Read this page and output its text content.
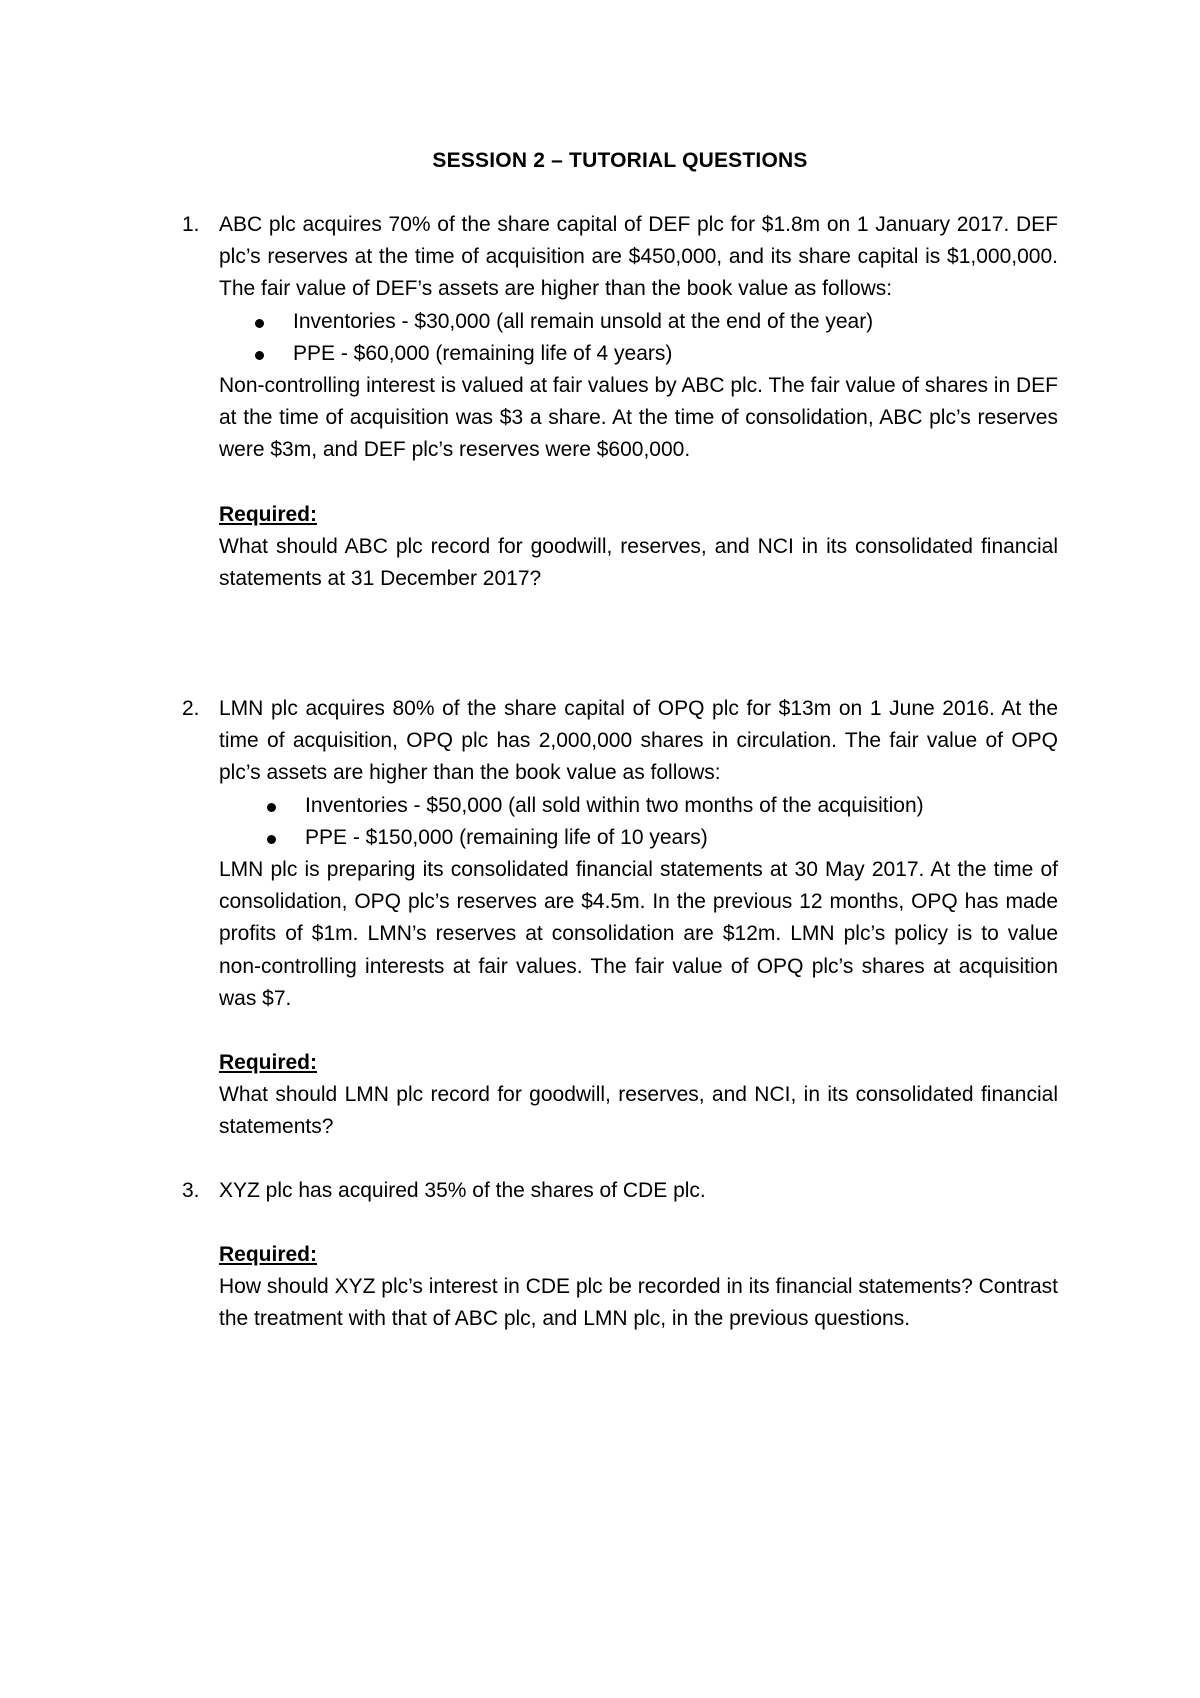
SESSION 2 – TUTORIAL QUESTIONS
1. ABC plc acquires 70% of the share capital of DEF plc for $1.8m on 1 January 2017. DEF plc’s reserves at the time of acquisition are $450,000, and its share capital is $1,000,000. The fair value of DEF’s assets are higher than the book value as follows:
Inventories - $30,000 (all remain unsold at the end of the year)
PPE - $60,000 (remaining life of 4 years)
Non-controlling interest is valued at fair values by ABC plc. The fair value of shares in DEF at the time of acquisition was $3 a share. At the time of consolidation, ABC plc’s reserves were $3m, and DEF plc’s reserves were $600,000.
Required:
What should ABC plc record for goodwill, reserves, and NCI in its consolidated financial statements at 31 December 2017?
2. LMN plc acquires 80% of the share capital of OPQ plc for $13m on 1 June 2016. At the time of acquisition, OPQ plc has 2,000,000 shares in circulation. The fair value of OPQ plc’s assets are higher than the book value as follows:
Inventories - $50,000 (all sold within two months of the acquisition)
PPE - $150,000 (remaining life of 10 years)
LMN plc is preparing its consolidated financial statements at 30 May 2017. At the time of consolidation, OPQ plc’s reserves are $4.5m. In the previous 12 months, OPQ has made profits of $1m. LMN’s reserves at consolidation are $12m. LMN plc’s policy is to value non-controlling interests at fair values. The fair value of OPQ plc’s shares at acquisition was $7.
Required:
What should LMN plc record for goodwill, reserves, and NCI, in its consolidated financial statements?
3. XYZ plc has acquired 35% of the shares of CDE plc.
Required:
How should XYZ plc’s interest in CDE plc be recorded in its financial statements? Contrast the treatment with that of ABC plc, and LMN plc, in the previous questions.
